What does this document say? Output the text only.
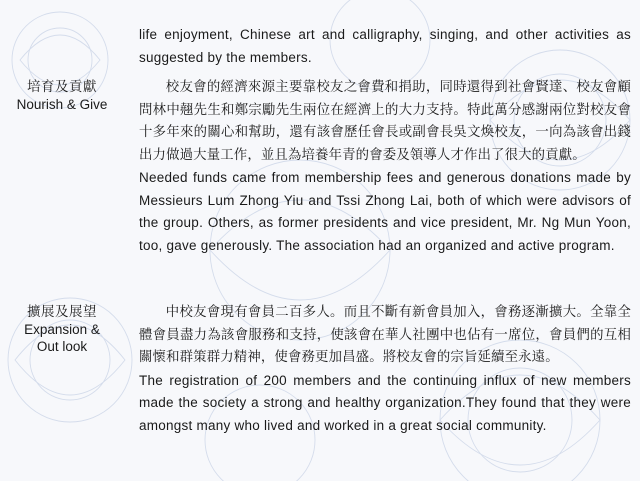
life enjoyment, Chinese art and calligraphy, singing, and other activities as suggested by the members.

培育及貢獻
Nourish & Give

校友會的經濟來源主要靠校友之會費和捐助，同時還得到社會賢達、校友會顧問林中翹先生和鄭宗勵先生兩位在經濟上的大力支持。特此萬分感謝兩位對校友會十多年來的關心和幫助，還有該會歷任會長或副會長吳文煥校友，一向為該會出錢出力做過大量工作，並且為培養年青的會委及領導人才作出了很大的貢獻。

Needed funds came from membership fees and generous donations made by Messieurs Lum Zhong Yiu and Tssi Zhong Lai, both of which were advisors of the group. Others, as former presidents and vice president, Mr. Ng Mun Yoon, too, gave generously. The association had an organized and active program.

擴展及展望
Expansion &
Out look

中校友會現有會員二百多人。而且不斷有新會員加入，會務逐漸擴大。全靠全體會員盡力為該會服務和支持，使該會在華人社團中也佔有一席位，會員們的互相關懷和群策群力精神，使會務更加昌盛。將校友會的宗旨延續至永遠。

The registration of 200 members and the continuing influx of new members made the society a strong and healthy organization.They found that they were amongst many who lived and worked in a great social community.
